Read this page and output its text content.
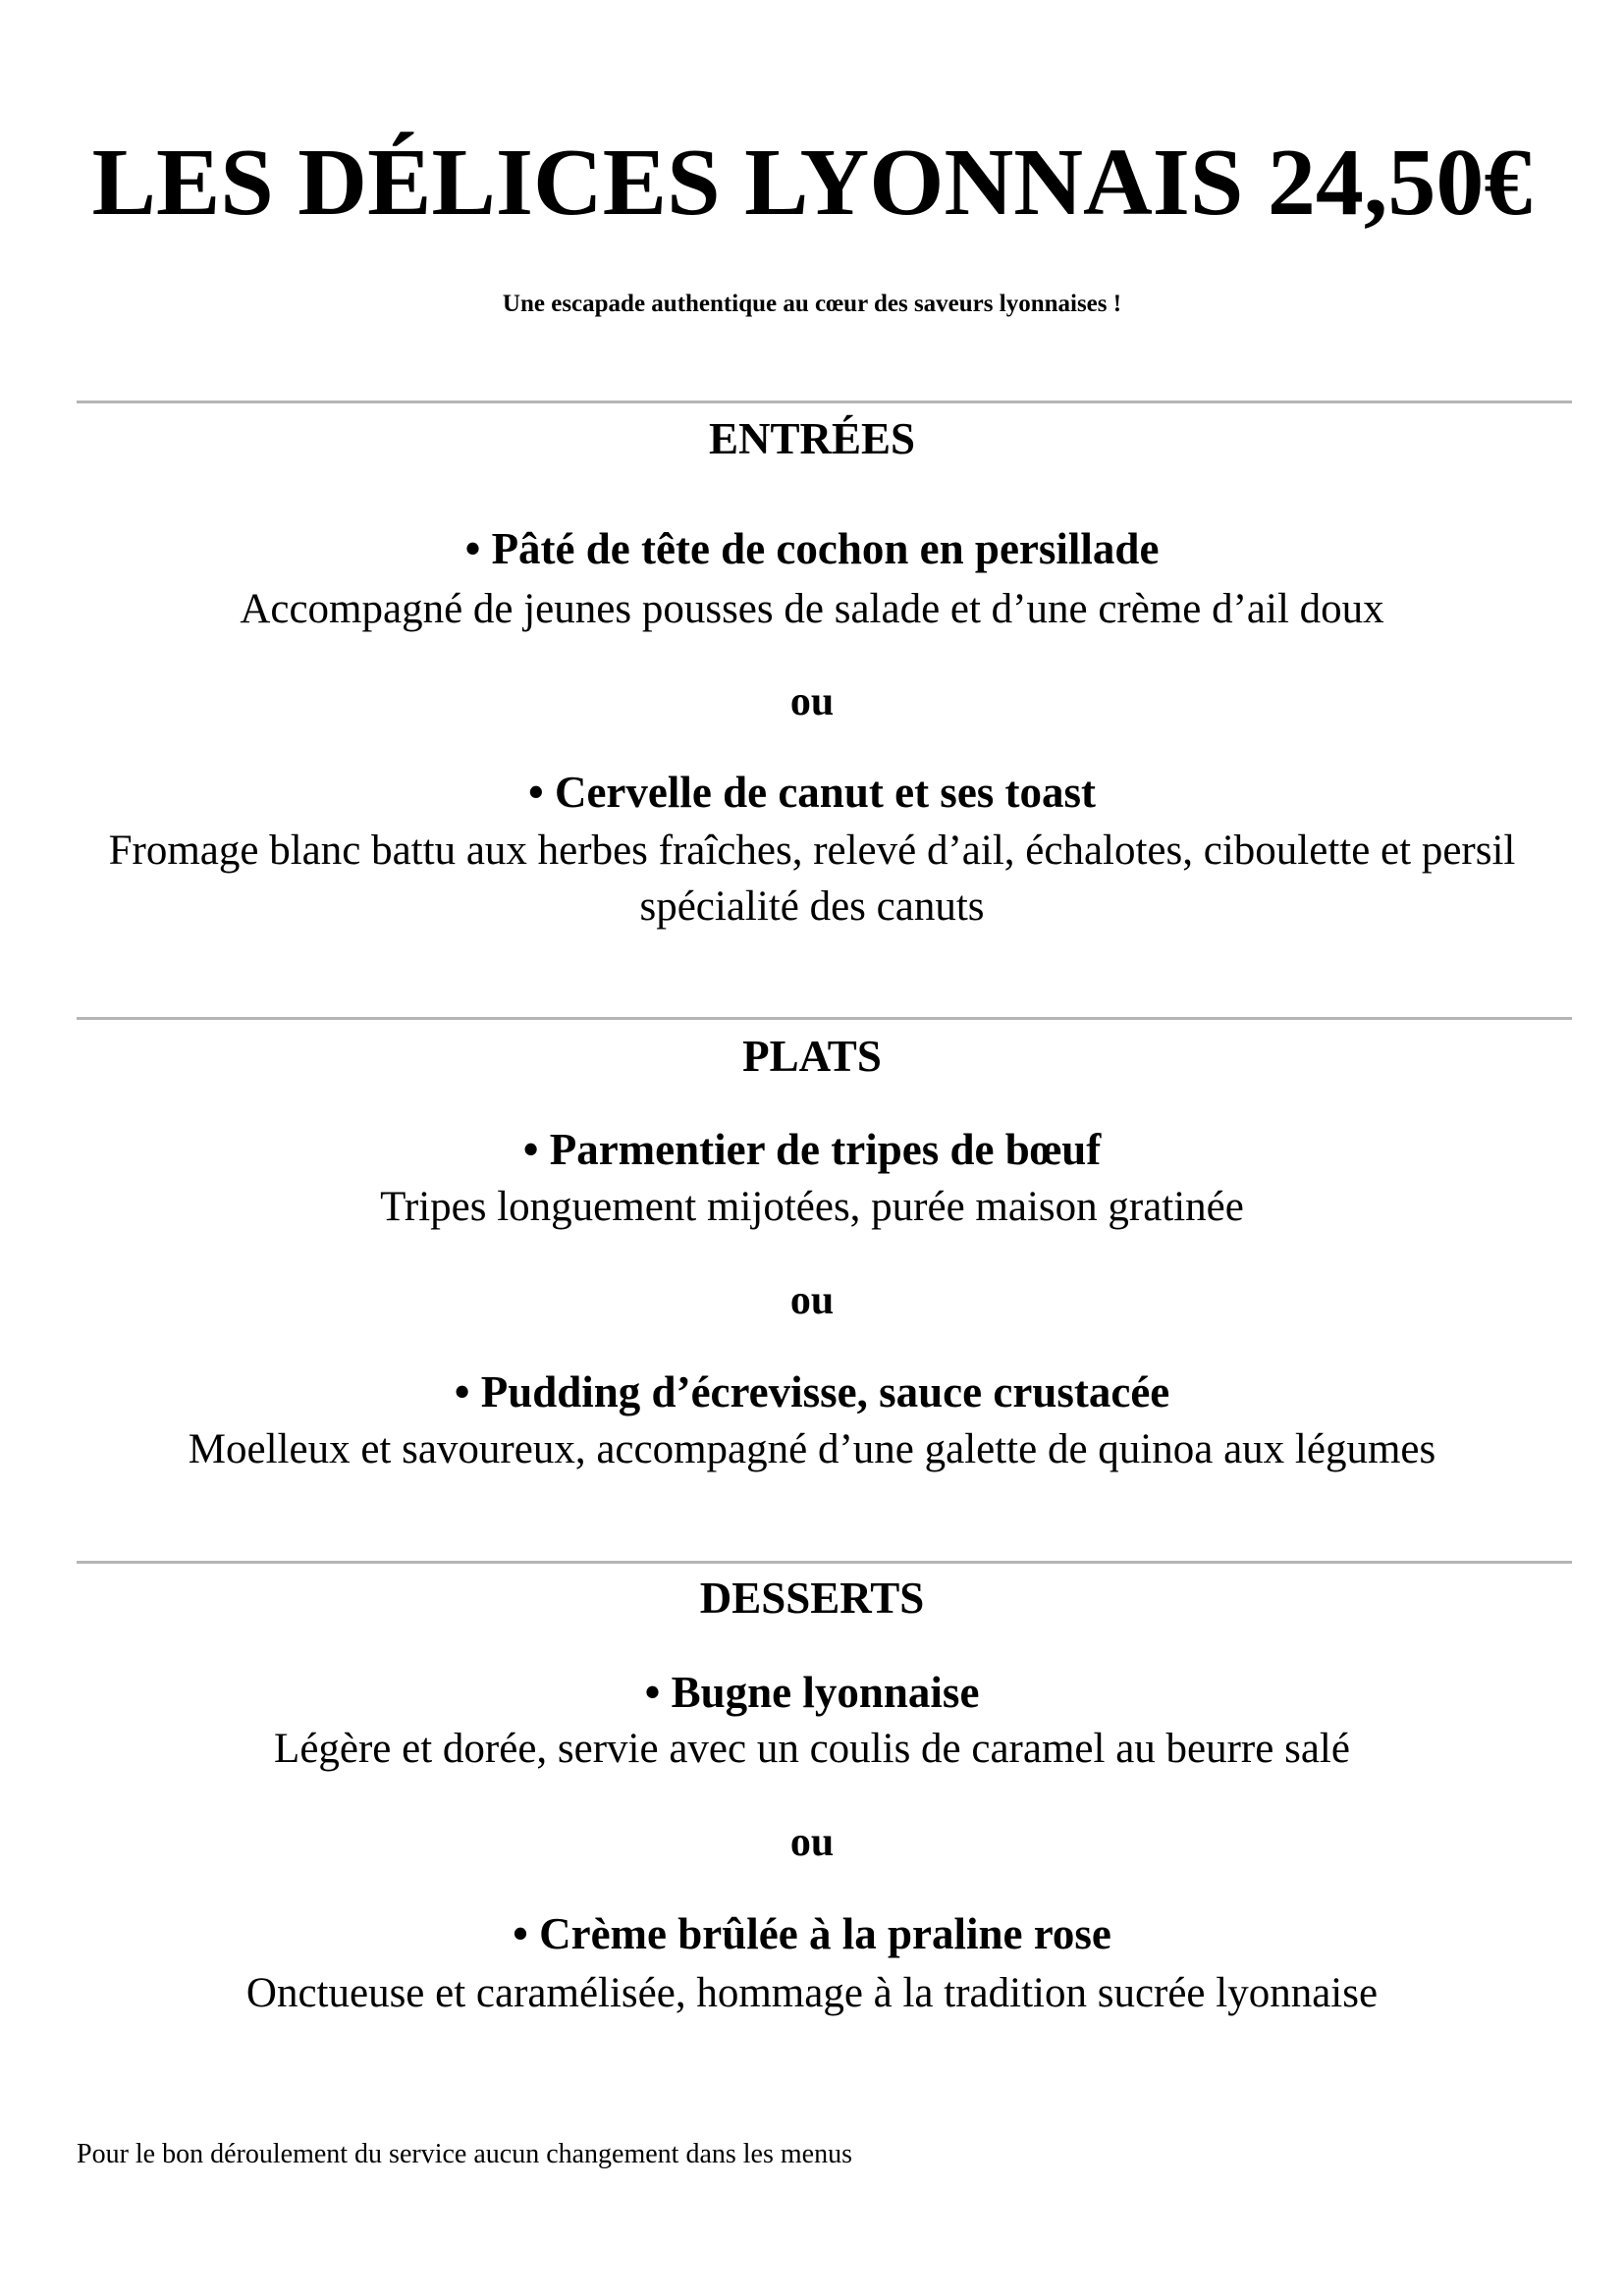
LES DÉLICES LYONNAIS 24,50€
Une escapade authentique au cœur des saveurs lyonnaises !
ENTRÉES
• Pâté de tête de cochon en persillade
Accompagné de jeunes pousses de salade et d’une crème d’ail doux
ou
• Cervelle de canut et ses toast
Fromage blanc battu aux herbes fraîches, relevé d’ail, échalotes, ciboulette et persil spécialité des canuts
PLATS
• Parmentier de tripes de bœuf
Tripes longuement mijotées, purée maison gratinée
ou
• Pudding d’écrevisse, sauce crustacée
Moelleux et savoureux, accompagné d’une galette de quinoa aux légumes
DESSERTS
• Bugne lyonnaise
Légère et dorée, servie avec un coulis de caramel au beurre salé
ou
• Crème brûlée à la praline rose
Onctueuse et caramélisée, hommage à la tradition sucrée lyonnaise
Pour le bon déroulement du service aucun changement dans les menus
